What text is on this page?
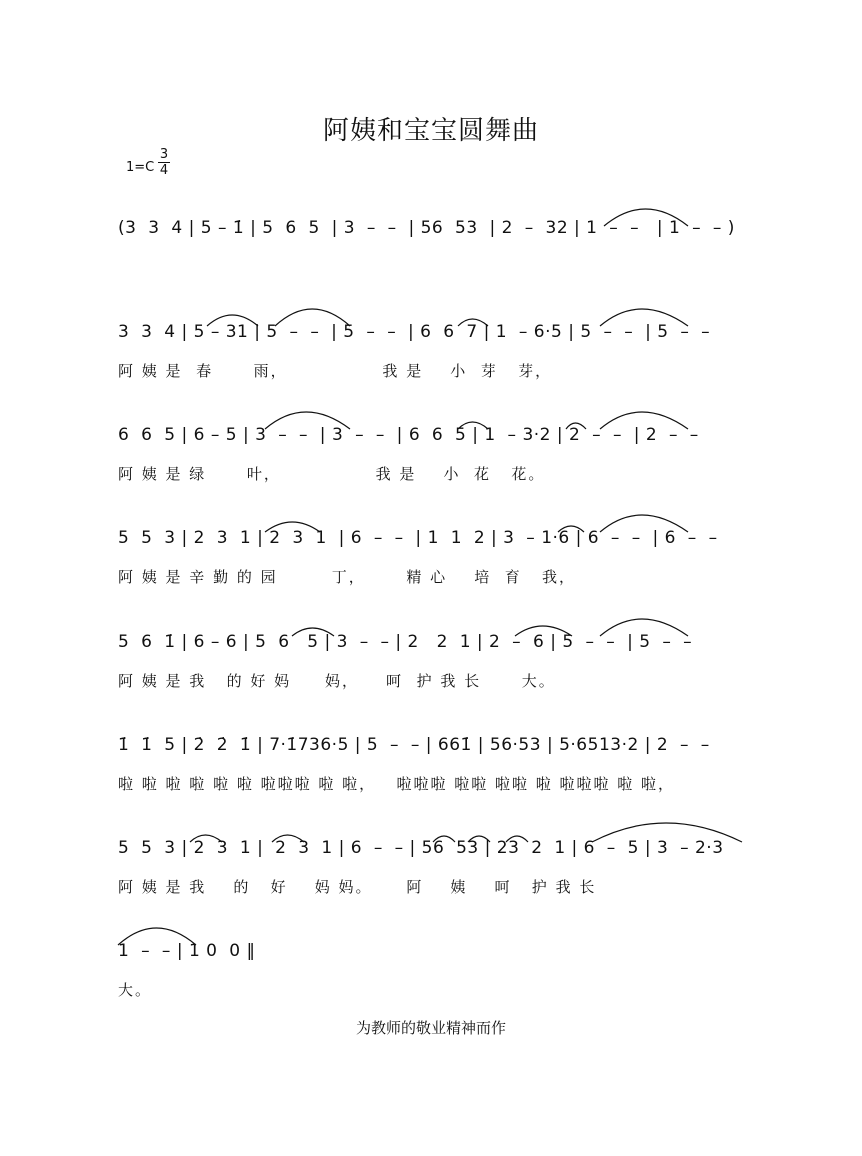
阿姨和宝宝圆舞曲
1=C
3
4
(3  3  4 | 5 – 1̇ | 5  6  5  | 3  –  –  | 56  53  | 2  –  32 | 1  –  –   | 1  –  – )
3  3  4 | 5 – 31 | 5  –  –  | 5  –  –  | 6  6  7 | 1  – 6·5 | 5  –  –  | 5  –  –
阿 姨 是  春      雨，              我 是    小  芽   芽，
6  6  5 | 6 – 5 | 3  –  –  | 3  –  –  | 6  6  5 | 1  – 3·2 | 2  –  –  | 2  –  –
阿 姨 是 绿      叶，              我 是    小  花   花。
5  5  3 | 2  3  1 | 2  3  1  | 6  –  –  | 1  1  2 | 3  – 1·6 | 6  –  –  | 6  –  –
阿 姨 是 辛 勤 的 园        丁，      精 心    培  育   我，
5  6  1̇ | 6 – 6 | 5  6   5 | 3  –  – | 2   2  1 | 2  –  6 | 5  –  –  | 5  –  –
阿 姨 是 我   的 好 妈     妈，    呵  护 我 长      大。
1̇  1̇  5 | 2̇  2̇  1̇ | 7·1̇736·5 | 5  –  – | 661̇ | 56·53 | 5·6513·2 | 2  –  –
啦 啦 啦 啦 啦 啦 啦啦啦 啦 啦，   啦啦啦 啦啦 啦啦 啦 啦啦啦 啦 啦，
5  5  3 | 2  3  1 |  2  3  1 | 6  –  – | 56  53 | 23  2  1 | 6  –  5 | 3  – 2·3
阿 姨 是 我    的   好    妈 妈。     阿    姨    呵   护 我 长
1  –  – | 1 0  0 ‖
大。
为教师的敬业精神而作
